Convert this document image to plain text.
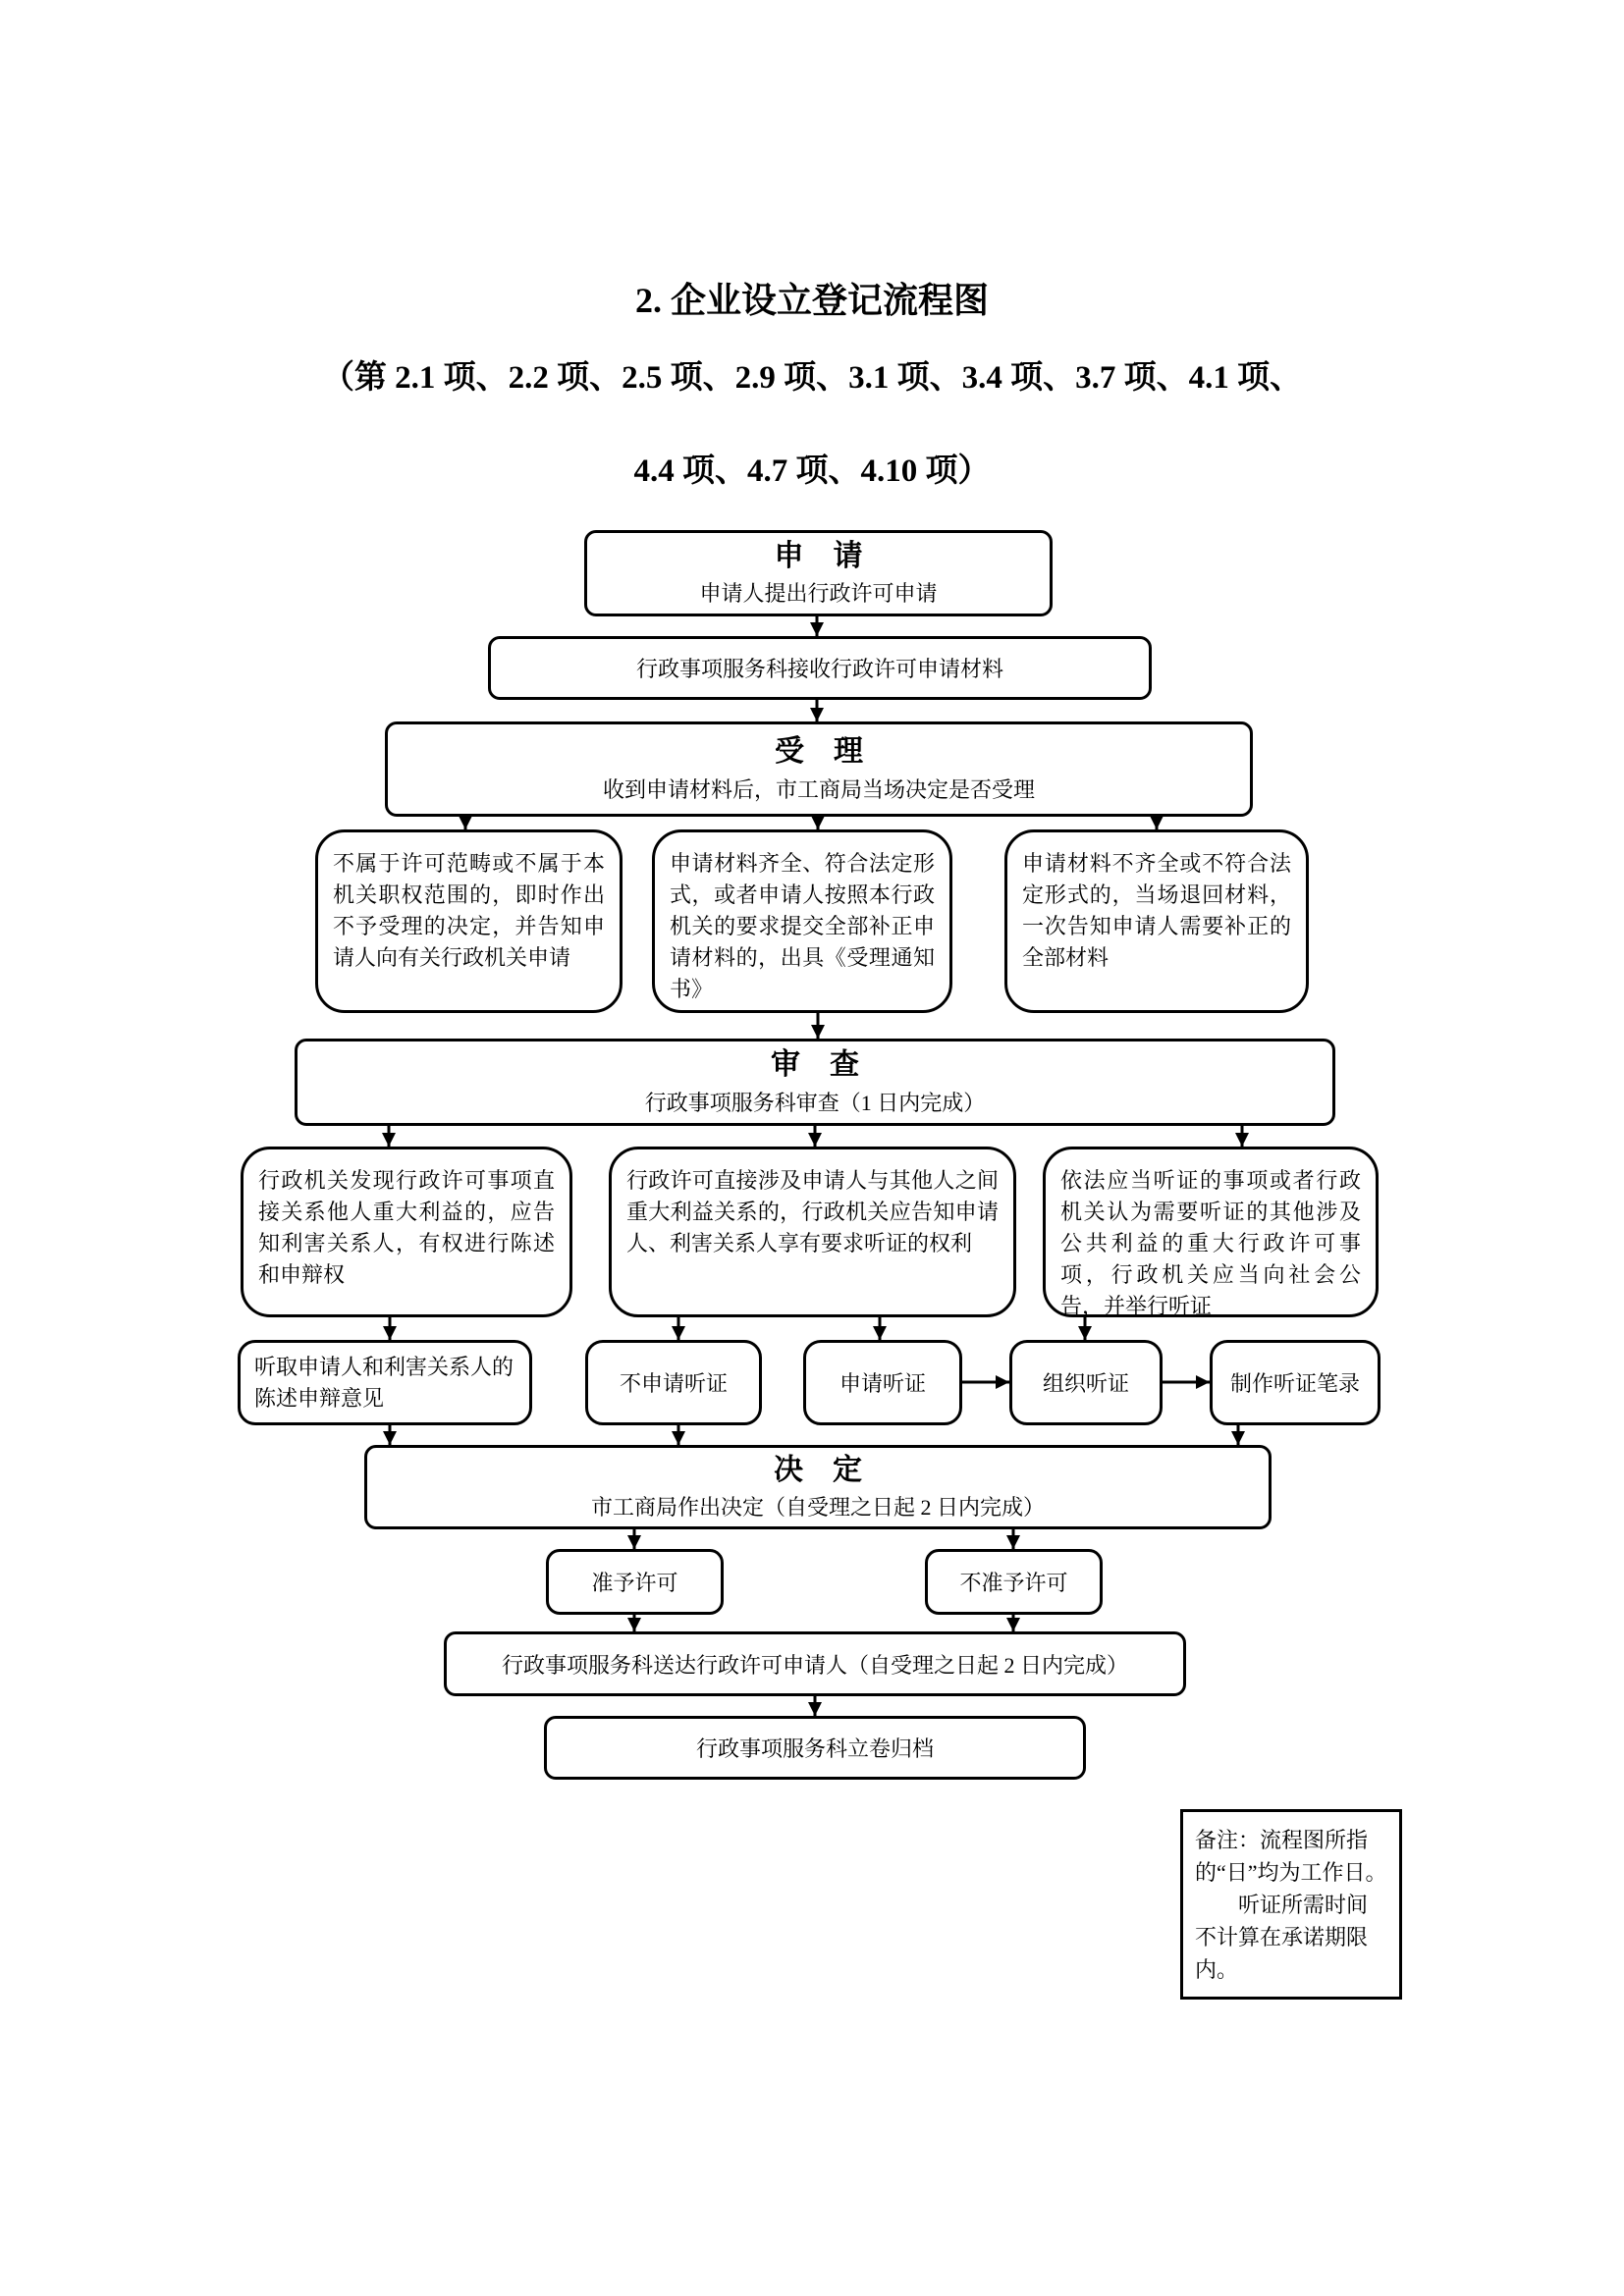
2. 企业设立登记流程图
（第 2.1 项、2.2 项、2.5 项、2.9 项、3.1 项、3.4 项、3.7 项、4.1 项、
4.4 项、4.7 项、4.10 项）
申　请
申请人提出行政许可申请
行政事项服务科接收行政许可申请材料
受　理
收到申请材料后，市工商局当场决定是否受理
不属于许可范畴或不属于本机关职权范围的，即时作出不予受理的决定，并告知申请人向有关行政机关申请
申请材料齐全、符合法定形式，或者申请人按照本行政机关的要求提交全部补正申请材料的，出具《受理通知书》
申请材料不齐全或不符合法定形式的，当场退回材料，一次告知申请人需要补正的全部材料
审　查
行政事项服务科审查（1 日内完成）
行政机关发现行政许可事项直接关系他人重大利益的，应告知利害关系人，有权进行陈述和申辩权
行政许可直接涉及申请人与其他人之间重大利益关系的，行政机关应告知申请人、利害关系人享有要求听证的权利
依法应当听证的事项或者行政机关认为需要听证的其他涉及公共利益的重大行政许可事项，行政机关应当向社会公告，并举行听证
听取申请人和利害关系人的陈述申辩意见
不申请听证	申请听证	组织听证	制作听证笔录
决　定
市工商局作出决定（自受理之日起 2 日内完成）
准予许可	不准予许可
行政事项服务科送达行政许可申请人（自受理之日起 2 日内完成）
行政事项服务科立卷归档

备注：流程图所指的“日”均为工作日。

听证所需时间不计算在承诺期限内。
